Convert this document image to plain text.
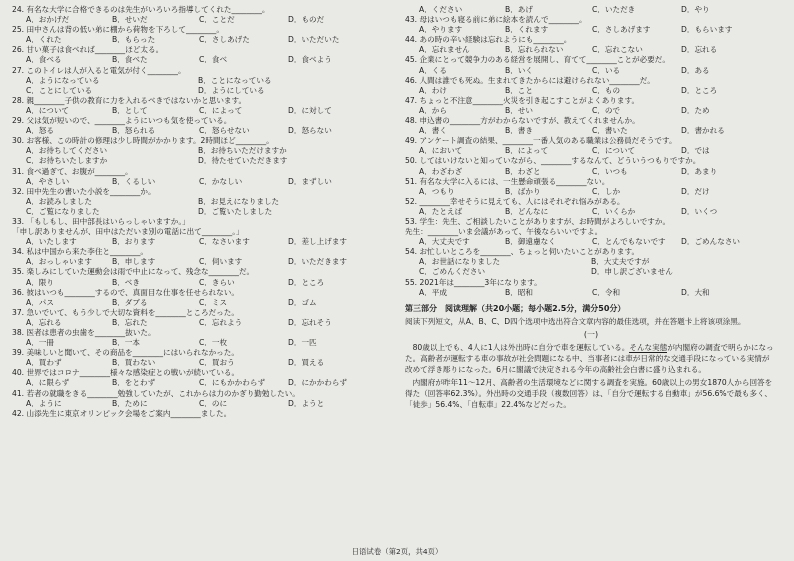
24. 有名な大学に合格できるのは先生がいろいろ指導してくれた________。
A．おかげだ	B．せいだ	C．ことだ	D．ものだ
25. 田中さんは背の低い弟に棚から荷物を下ろして________。
A．くれた	B．もらった	C．さしあげた	D．いただいた
26. 甘い菓子は食べれば________ほど太る。
A．食べる	B．食べた	C．食べ	D．食べよう
27. このトイレは人が入ると電気が付く________。
A．ようになっている	B．ことになっている
C．ことにしている	D．ようにしている
28. 親________子供の教育に力を入れるべきではないかと思います。
A．について	B．として	C．によって	D．に対して
29. 父は気が短いので、________ようにいつも気を使っている。
A．怒る	B．怒られる	C．怒らせない	D．怒らない
30. お客様、この時計の修理は少し時間がかかります。2時間ほど________。
A．お待ちしてください	B．お待ちいただけますか
C．お待ちいたしますか	D．待たせていただきます
31. 食べ過ぎて、お腹が________。
A．やさしい	B．くるしい	C．かなしい	D．まずしい
32. 田中先生の書いた小説を________か。
A．お読みしました	B．お見えになりました
C．ご覧になりました	D．ご覧いたしました
33. 「もしもし、田中部長はいらっしゃいますか。」
「申し訳ありませんが、田中はただいま別の電話に出て________。」
A．いたします	B．おります	C．なさいます	D．差し上げます
34. 私は中国から来た李住と________。
A．おっしゃいます	B．申します	C．伺います	D．いただきます
35. 楽しみにしていた運動会は雨で中止になって、残念な________だ。
A．限り	B．べき	C．きらい	D．ところ
36. 彼はいつも________するので、真面目な仕事を任せられない。
A．パス	B．ダブる	C．ミス	D．ゴム
37. 急いでいて、もう少しで大切な資料を________ところだった。
A．忘れる	B．忘れた	C．忘れよう	D．忘れそう
38. 医者は患者の虫歯を________抜いた。
A．一冊	B．一本	C．一枚	D．一匹
39. 美味しいと聞いて、その商品を________にはいられなかった。
A．買わず	B．買わない	C．買おう	D．買える
40. 世界ではコロナ________様々な感染症との戦いが続いている。
A．に限らず	B．をとわず	C．にもかかわらず	D．にかかわらず
41. 若者の就職をきる________勉強していたが、これからは力のかぎり勤勉したい。
A．ように	B．ために	C．のに	D．ようと
42. 山添先生に東京オリンピック会場をご案内________ました。
A．ください	B．あげ	C．いただき	D．やり
43. 母はいつも寝る前に弟に絵本を読んで________。
A．やります	B．くれます	C．さしあげます	D．もらいます
44. あの時の辛い経験は忘れようにも________。
A．忘れません	B．忘れられない	C．忘れこない	D．忘れる
45. 企業にとって競争力のある経営を展開し、育てて________ことが必要だ。
A．くる	B．いく	C．いる	D．ある
46. 人間は誰でも死ぬ。生まれてきたからには避けられない________だ。
A．わけ	B．こと	C．もの	D．ところ
47. ちょっと不注意________火災を引き起こすことがよくあります。
A．から	B．せい	C．ので	D．ため
48. 申込書の________方がわからないですが、教えてくれませんか。
A．書く	B．書き	C．書いた	D．書かれる
49. アンケート調査の結果、________一番人気のある職業は公務員だそうです。
A．において	B．によって	C．について	D．では
50. してはいけないと知っていながら、________するなんて、どういうつもりですか。
A．わざわざ	B．わざと	C．いつも	D．あまり
51. 有名な大学に入るには、一生懸命頑張る________ない。
A．つもり	B．ばかり	C．しか	D．だけ
52. ________幸せそうに見えても、人にはそれぞれ悩みがある。
A．たとえば	B．どんなに	C．いくらか	D．いくつ
53. 学生：先生、ご相談したいことがありますが、お時間がよろしいですか。
先生：________いま会議があって、午後ならいいですよ。
A．大丈夫です	B．御遠慮なく	C．とんでもないです D．ごめんなさい
54. お忙しいところを________、ちょっと伺いたいことがあります。
A．お世話になりました	B．大丈夫ですが
C．ごめんください	D．申し訳ございません
55. 2021年は________3年になります。
A．平成	B．昭和	C．令和	D．大和
第三部分　阅读理解（共20小题；每小题2.5分，满分50分）
阅读下列短文，从A、B、C、D四个选项中选出符合文章内容的最佳选项，并在答题卡上将该项涂黑。
(一)
 80歳以上でも、4人に1人は外出時に自分で車を運転している。そんな実態が内閣府の調査で明らかになった。高齢者が運転する車の事故が社会問題になる中、当事者には車が日常的な交通手段になっている実情が改めて浮き彫りになった。6月に閣議で決定される今年の高齢社会白書に盛り込まれる。
 内閣府が昨年11～12月、高齢者の生活環境などに関する調査を実施。60歳以上の男女1870人から回答を得た（回答率62.3%）。外出時の交通手段（複数回答）は、「自分で運転する自動車」が56.6%で最も多く、「徒歩」56.4%、「自転車」22.4%などだった。
日语试卷（第2页，共4页）
